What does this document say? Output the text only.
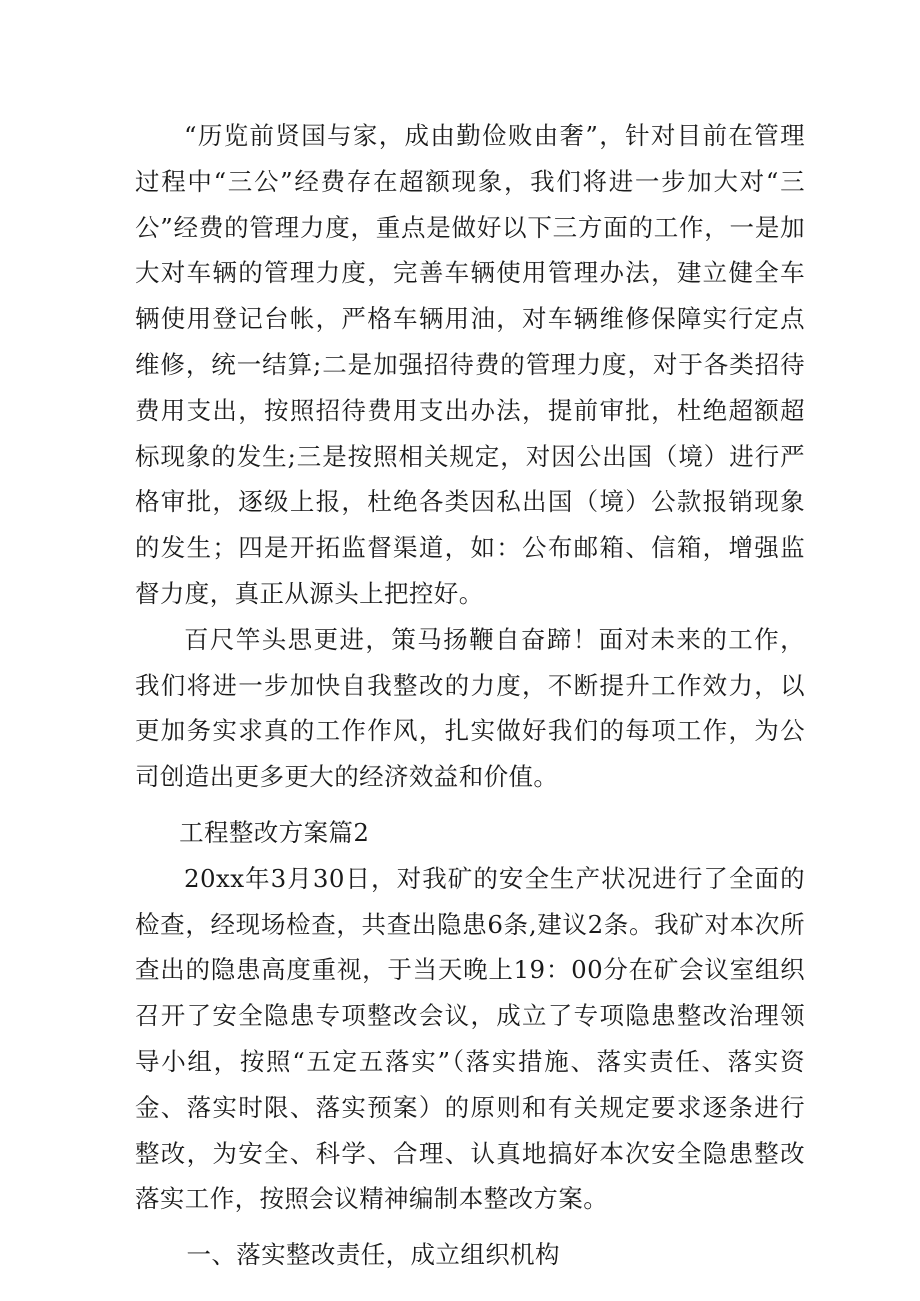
“历览前贤国与家，成由勤俭败由奢”，针对目前在管理过程中“三公”经费存在超额现象，我们将进一步加大对“三公”经费的管理力度，重点是做好以下三方面的工作，一是加大对车辆的管理力度，完善车辆使用管理办法，建立健全车辆使用登记台帐，严格车辆用油，对车辆维修保障实行定点维修，统一结算;二是加强招待费的管理力度，对于各类招待费用支出，按照招待费用支出办法，提前审批，杜绝超额超标现象的发生;三是按照相关规定，对因公出国（境）进行严格审批，逐级上报，杜绝各类因私出国（境）公款报销现象的发生；四是开拓监督渠道，如：公布邮箱、信箱，增强监督力度，真正从源头上把控好。

百尺竿头思更进，策马扬鞭自奋蹄！面对未来的工作，我们将进一步加快自我整改的力度，不断提升工作效力，以更加务实求真的工作作风，扎实做好我们的每项工作，为公司创造出更多更大的经济效益和价值。

工程整改方案篇2

20xx年3月30日，对我矿的安全生产状况进行了全面的检查，经现场检查，共查出隐患6条,建议2条。我矿对本次所查出的隐患高度重视，于当天晚上19：00分在矿会议室组织召开了安全隐患专项整改会议，成立了专项隐患整改治理领导小组，按照“五定五落实”（落实措施、落实责任、落实资金、落实时限、落实预案）的原则和有关规定要求逐条进行整改，为安全、科学、合理、认真地搞好本次安全隐患整改落实工作，按照会议精神编制本整改方案。

一、落实整改责任，成立组织机构
